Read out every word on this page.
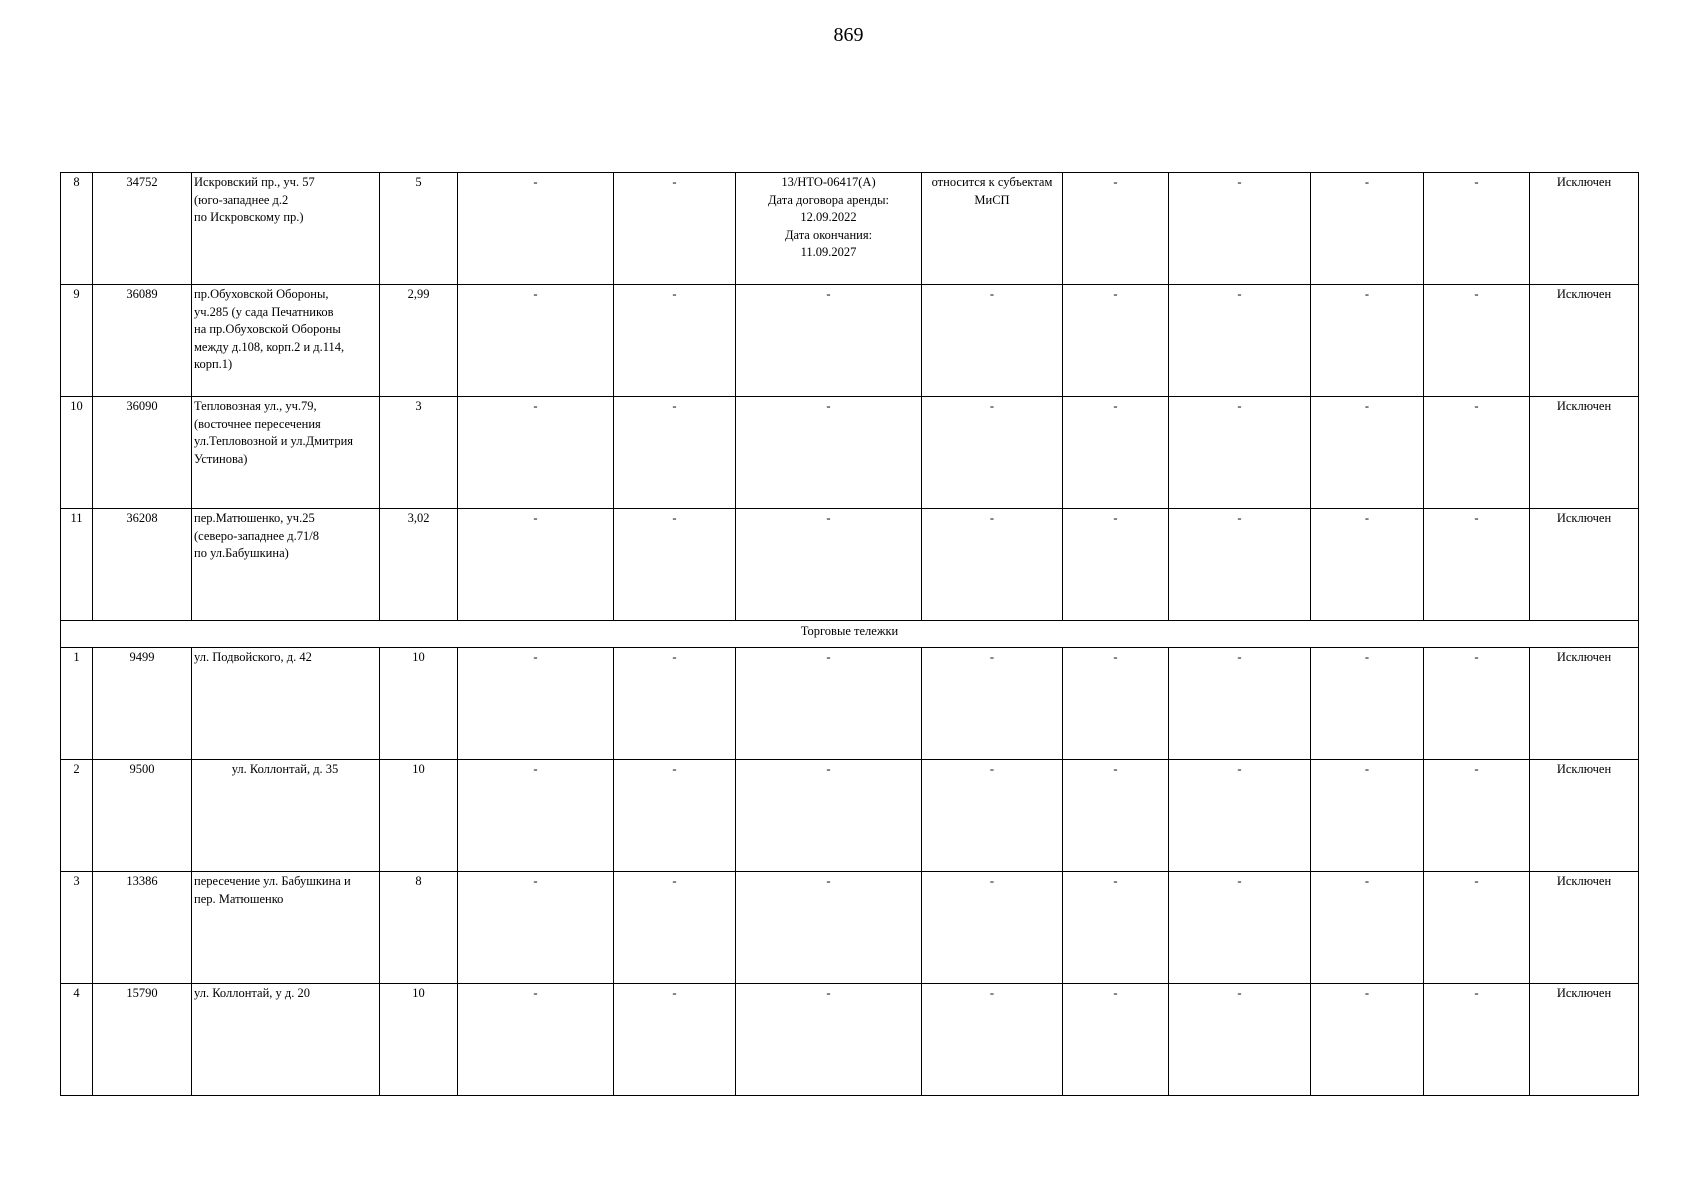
869
8	34752	Искровский пр., уч. 57
(юго-западнее д.2
по Искровскому пр.)	5	-	-	13/НТО-06417(А)
Дата договора аренды:
12.09.2022
Дата окончания:
11.09.2027	относится к субъектам
МиСП	-	-	-	-	Исключен
9	36089	пр.Обуховской Обороны,
уч.285 (у сада Печатников
на пр.Обуховской Обороны
между д.108, корп.2 и д.114,
корп.1)	2,99	-	-	-	-	-	-	-	-	Исключен
10	36090	Тепловозная ул., уч.79,
(восточнее пересечения
ул.Тепловозной и ул.Дмитрия
Устинова)	3	-	-	-	-	-	-	-	-	Исключен
11	36208	пер.Матюшенко, уч.25
(северо-западнее д.71/8
по ул.Бабушкина)	3,02	-	-	-	-	-	-	-	-	Исключен
Торговые тележки												
1	9499	ул. Подвойского, д. 42	10	-	-	-	-	-	-	-	-	Исключен
2	9500	ул. Коллонтай, д. 35	10	-	-	-	-	-	-	-	-	Исключен
3	13386	пересечение ул. Бабушкина и
пер. Матюшенко	8	-	-	-	-	-	-	-	-	Исключен
4	15790	ул. Коллонтай, у д. 20	10	-	-	-	-	-	-	-	-	Исключен
